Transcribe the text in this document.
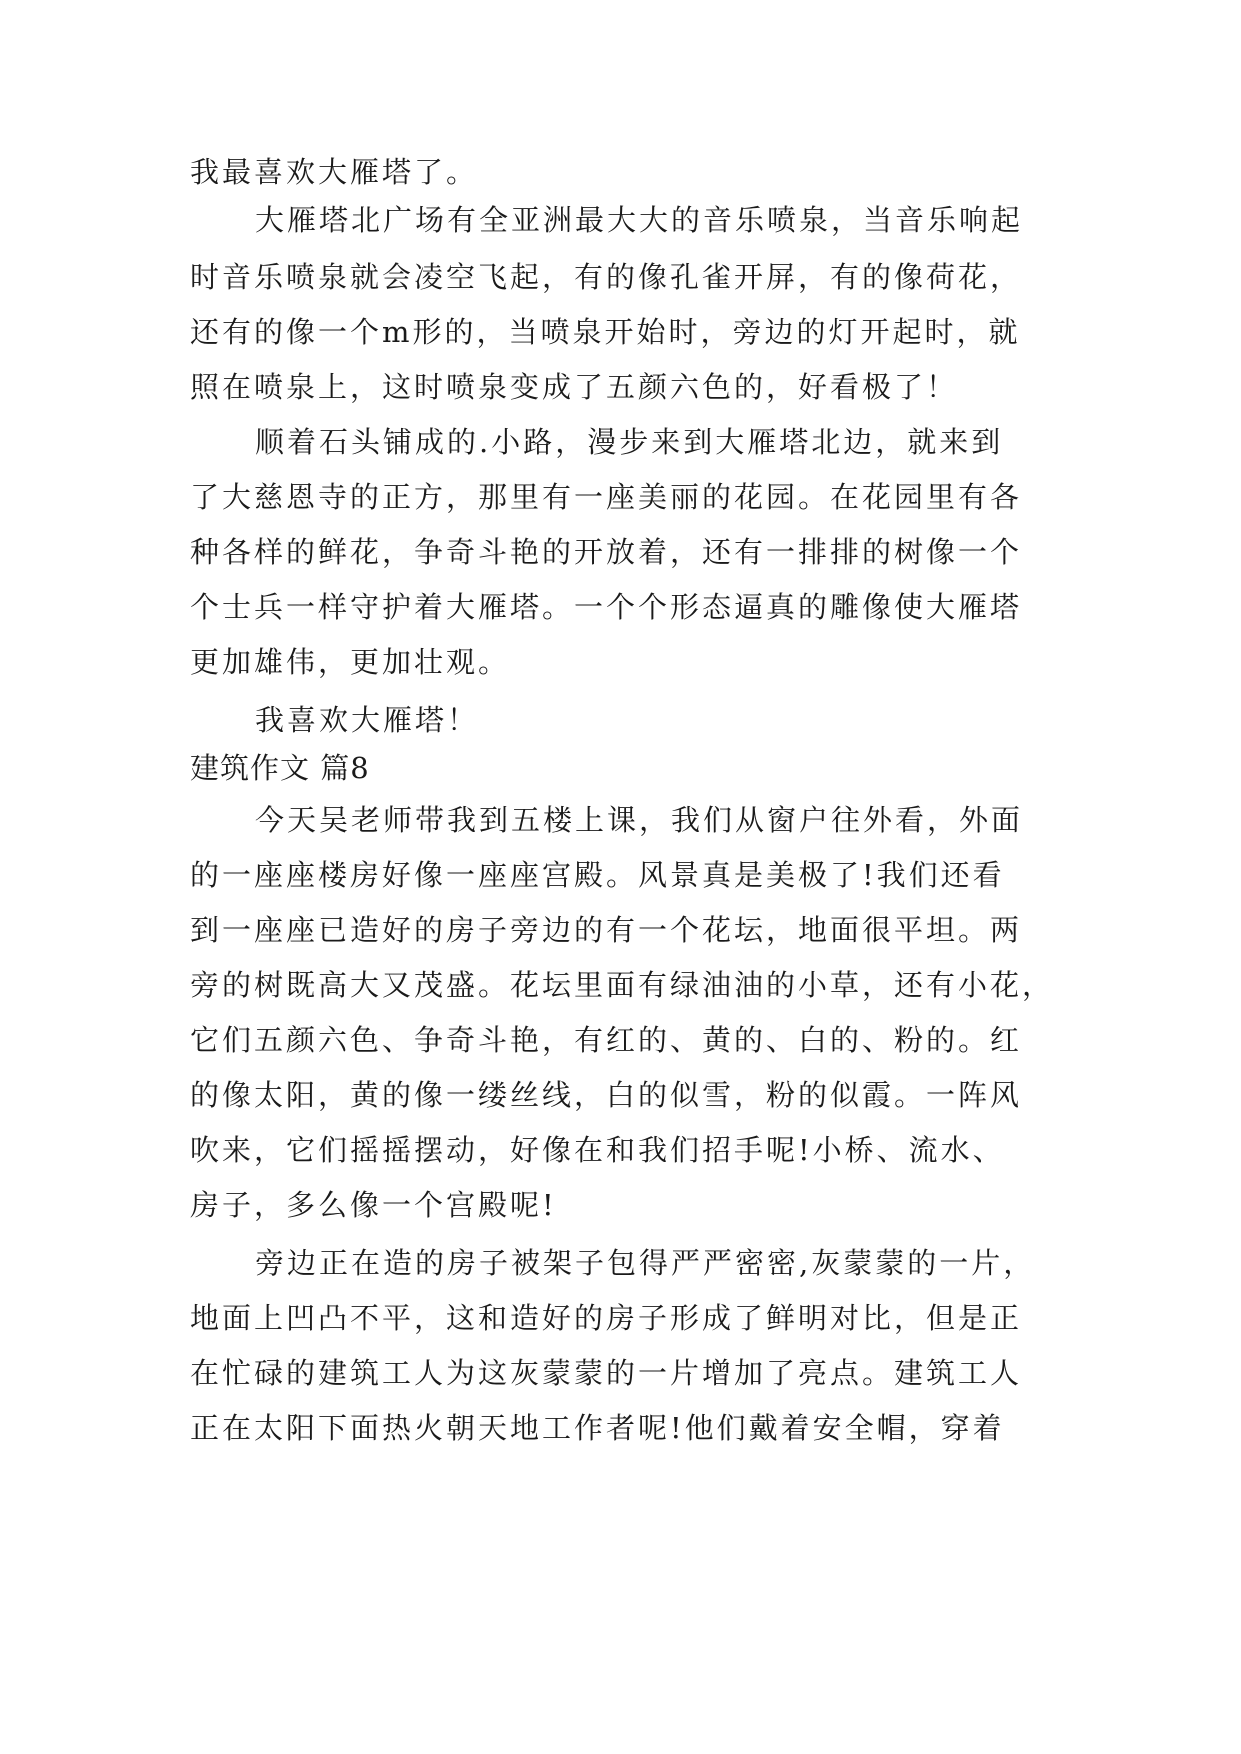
我最喜欢大雁塔了。
大雁塔北广场有全亚洲最大大的音乐喷泉，当音乐响起
时音乐喷泉就会凌空飞起，有的像孔雀开屏，有的像荷花，
还有的像一个m形的，当喷泉开始时，旁边的灯开起时，就
照在喷泉上，这时喷泉变成了五颜六色的，好看极了！
顺着石头铺成的.小路，漫步来到大雁塔北边，就来到
了大慈恩寺的正方，那里有一座美丽的花园。在花园里有各
种各样的鲜花，争奇斗艳的开放着，还有一排排的树像一个
个士兵一样守护着大雁塔。一个个形态逼真的雕像使大雁塔
更加雄伟，更加壮观。
我喜欢大雁塔！
建筑作文 篇8
今天吴老师带我到五楼上课，我们从窗户往外看，外面
的一座座楼房好像一座座宫殿。风景真是美极了!我们还看
到一座座已造好的房子旁边的有一个花坛，地面很平坦。两
旁的树既高大又茂盛。花坛里面有绿油油的小草，还有小花，
它们五颜六色、争奇斗艳，有红的、黄的、白的、粉的。红
的像太阳，黄的像一缕丝线，白的似雪，粉的似霞。一阵风
吹来，它们摇摇摆动，好像在和我们招手呢!小桥、流水、
房子，多么像一个宫殿呢!
旁边正在造的房子被架子包得严严密密,灰蒙蒙的一片，
地面上凹凸不平，这和造好的房子形成了鲜明对比，但是正
在忙碌的建筑工人为这灰蒙蒙的一片增加了亮点。建筑工人
正在太阳下面热火朝天地工作者呢!他们戴着安全帽，穿着
